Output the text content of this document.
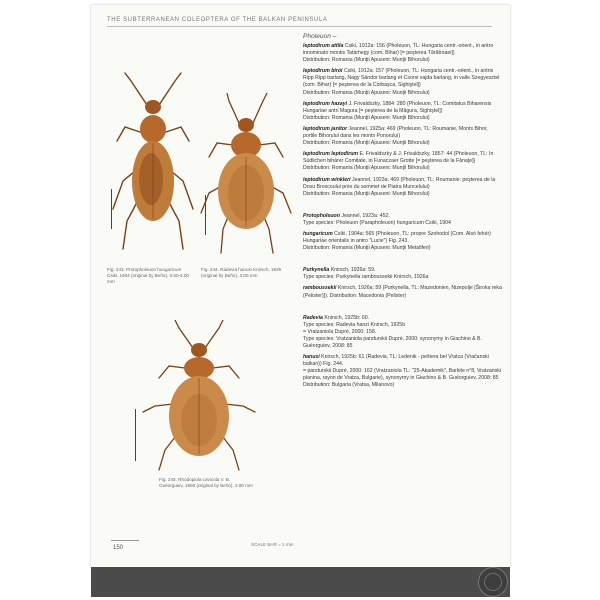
THE SUBTERRANEAN COLEOPTERA OF THE BALKAN PENINSULA
Fig. 243. Protopholeuon hungaricum Csiki, 1904 (original by Beňo), 3.50-4.00 mm
Fig. 244. Radevia hanusi Knirsch, 1925 (original by Beňo), 3.00 mm
Fig. 245. Rhodopiola cavicola V. B. Guéorguiev, 1960 (original by Beňo), 2.80 mm
Pholeuon –
leptodirum attila Csiki, 1912a: 156 (Pholeuon, TL: Hungaria centr.-orient., in antro innominato montis Tatárhegy (com. Bihar) [= peşterea Tărătroaei])
Distribution: Romania (Munţii Apuseni: Munţii Bihorului)
leptodirum birói Csiki, 1912a: 157 (Pholeuon, TL: Hungaria centr.-orient., in antris Ripp Ripp barlang, Nagy Sándor barlang et Csorsi vajda barlang, in valle Szegyesztel (com. Bihar) [= peşterea de la Corbaşca, Sighiştel])
Distribution: Romania (Munţii Apuseni: Munţii Bihorului)
leptodirum hazayi J. Frivaldszky, 1884: 280 (Pholeuon, TL: Comitatus Biharensis Hungariae antri Magura [= peşterea de la Măgura, Sighiştel])
Distribution: Romania (Munţii Apuseni: Munţii Bihorului)
leptodirum janitor Jeannel, 1925a: 469 (Pholeuon, TL: Roumanie, Monts Bihor, portile Bihorului dans les monts Ponorului)
Distribution: Romania (Munţii Apuseni: Munţii Bihorului)
leptodirum leptodirum E. Frivaldszky & J. Frivaldszky, 1857: 44 (Pholeuon, TL: In Südlichen bihárer Comitate, in Funaczaer Grotte [= peşterea de la Fânaţe])
Distribution: Romania (Munţii Apuseni: Munţii Bihorului)
leptodirum winkleri Jeannel, 1923a: 469 (Pholeuon, TL: Roumanie: peşterea de la Dosu Broscoului près du sommet de Piatra Muncelului)
Distribution: Romania (Munţii Apuseni: Munţii Bihorului)
Protopholeuon Jeannel, 1923a: 452.
Type species: Pholeuon (Parapholeuon) hungaricum Csiki, 1904
hungaricum Csiki, 1904a: 565 (Pholeuon, TL: propre Szohodol (Com. Alsó fehér) Hungariae orientalis in antro "Lucie") Fig. 243.
Distribution: Romania (Munţii Apuseni: Munţii Metaliferi)
Purkynella Knirsch, 1926a: 59.
Type species: Purkynella ramboussekii Knirsch, 1926a
ramboussekii Knirsch, 1926a: 59 (Purkynella, TL: Mazedonien, Nizepolje [Široka reka (Pelister)]). Distribution: Macedonia (Pelister)
Radevia Knirsch, 1925b: 60.
Type species: Radevia hanzi Knirsch, 1925b
= Vratzaniola Dupré, 2000: 158.
Type species: Vratzaniola pandurskii Dupré, 2000: synonymy in Giachino & B. Guéorguiev, 2008: 85
hanusi Knirsch, 1925b: 61 (Radevia, TL: Ledenik - peštera bei Vratca (Vračanski balkan)) Fig. 244.
= pandurskii Dupré, 2000: 162 (Vratzaniola TL: "25-Akademik", Barkite n°8, Vratzanski planina, rayon de Vratza, Bulgarie), synonymy in Giachino & B. Guéorguiev, 2008: 85
Distribution: Bulgaria (Vratsa, Milanovo)
150
SCALE BAR = 1 mm
